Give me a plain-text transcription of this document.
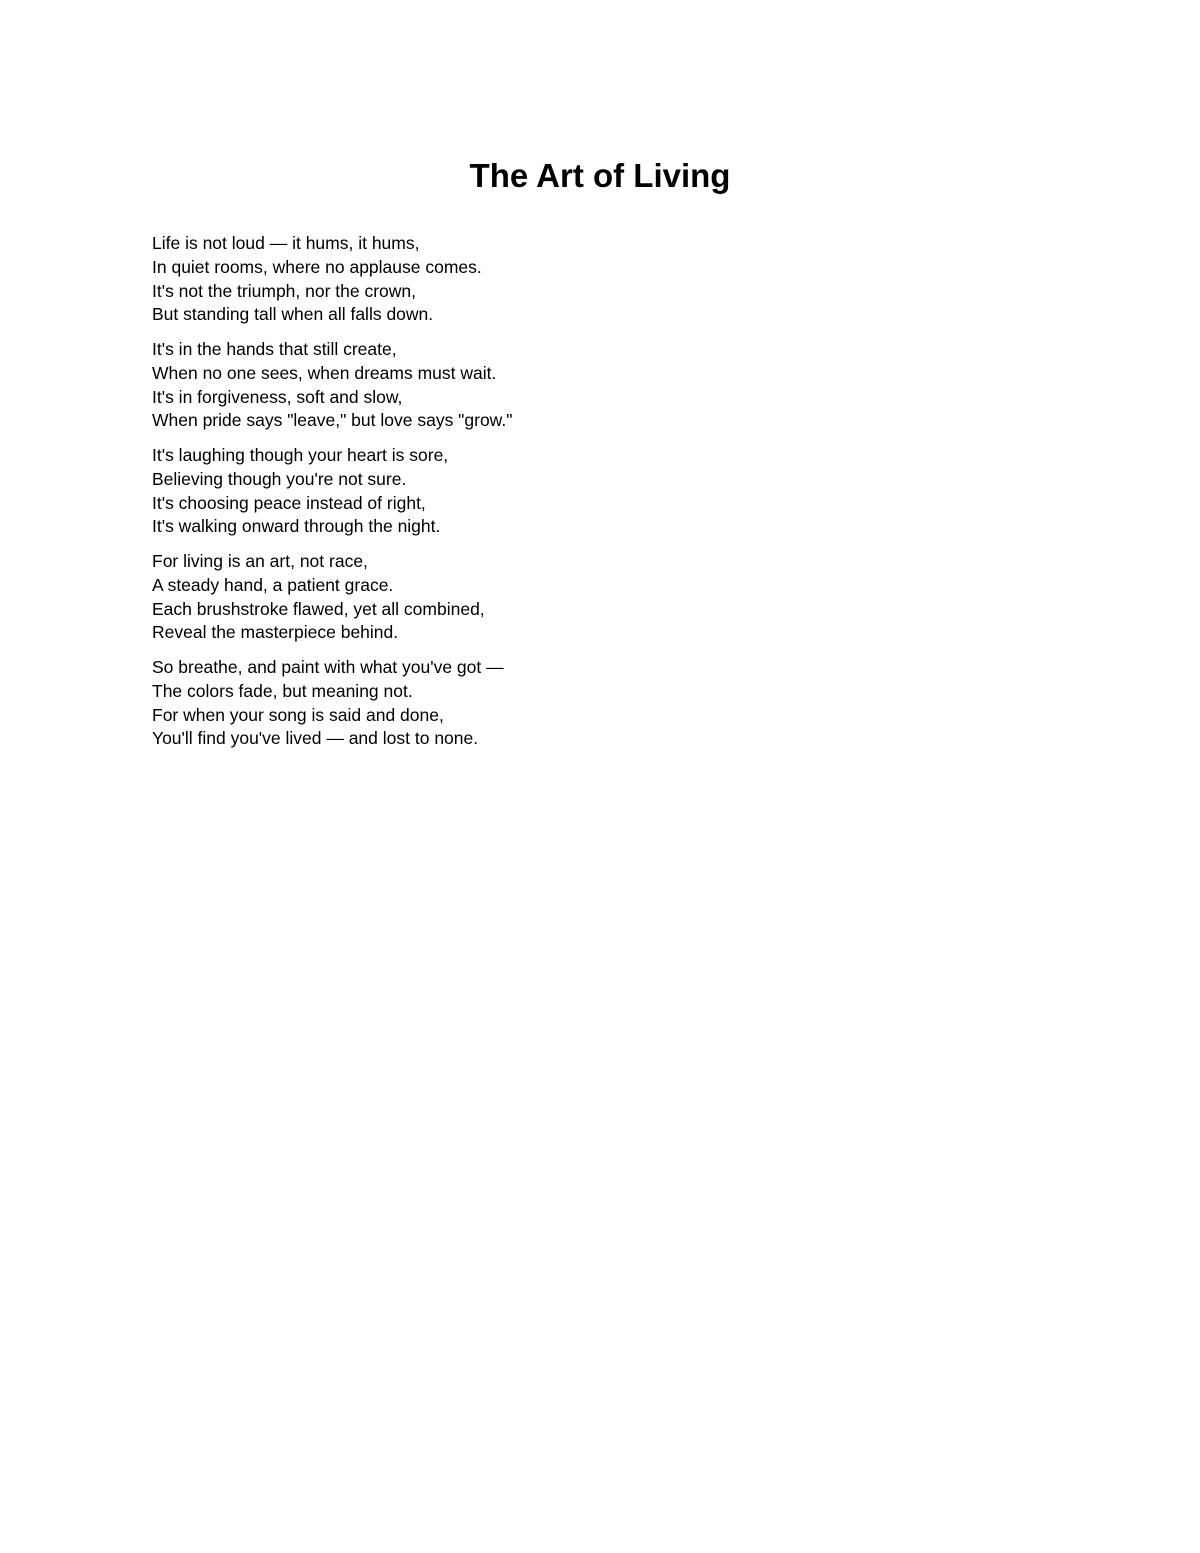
The Art of Living
Life is not loud — it hums, it hums,
In quiet rooms, where no applause comes.
It's not the triumph, nor the crown,
But standing tall when all falls down.
It's in the hands that still create,
When no one sees, when dreams must wait.
It's in forgiveness, soft and slow,
When pride says "leave," but love says "grow."
It's laughing though your heart is sore,
Believing though you're not sure.
It's choosing peace instead of right,
It's walking onward through the night.
For living is an art, not race,
A steady hand, a patient grace.
Each brushstroke flawed, yet all combined,
Reveal the masterpiece behind.
So breathe, and paint with what you've got —
The colors fade, but meaning not.
For when your song is said and done,
You'll find you've lived — and lost to none.
